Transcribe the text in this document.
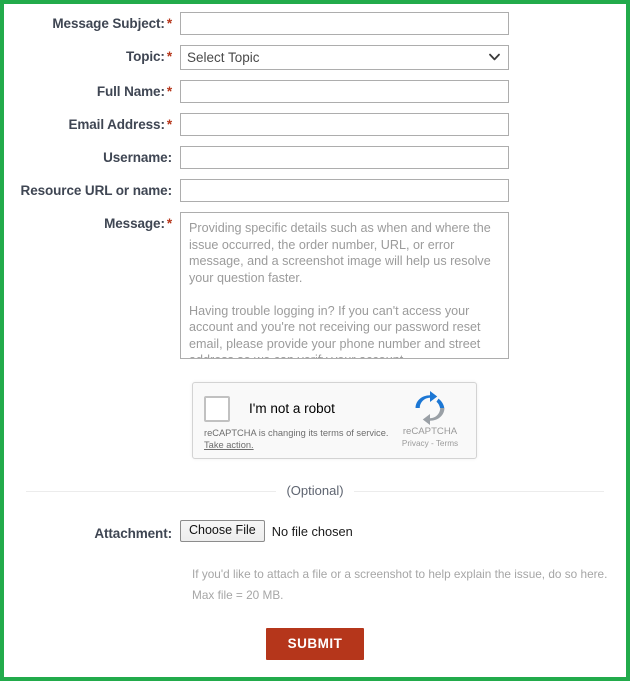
Message Subject: *
Topic: *
Select Topic
Full Name: *
Email Address: *
Username:
Resource URL or name:
Message: *
Providing specific details such as when and where the issue occurred, the order number, URL, or error message, and a screenshot image will help us resolve your question faster. Having trouble logging in? If you can't access your account and you're not receiving our password reset email, please provide your phone number and street address so we can verify your account.
I'm not a robot
reCAPTCHA is changing its terms of service.
Take action.
reCAPTCHA
Privacy - Terms
(Optional)
Attachment:	Choose File	No file chosen
If you'd like to attach a file or a screenshot to help explain the issue, do so here.
Max file = 20 MB.
SUBMIT
